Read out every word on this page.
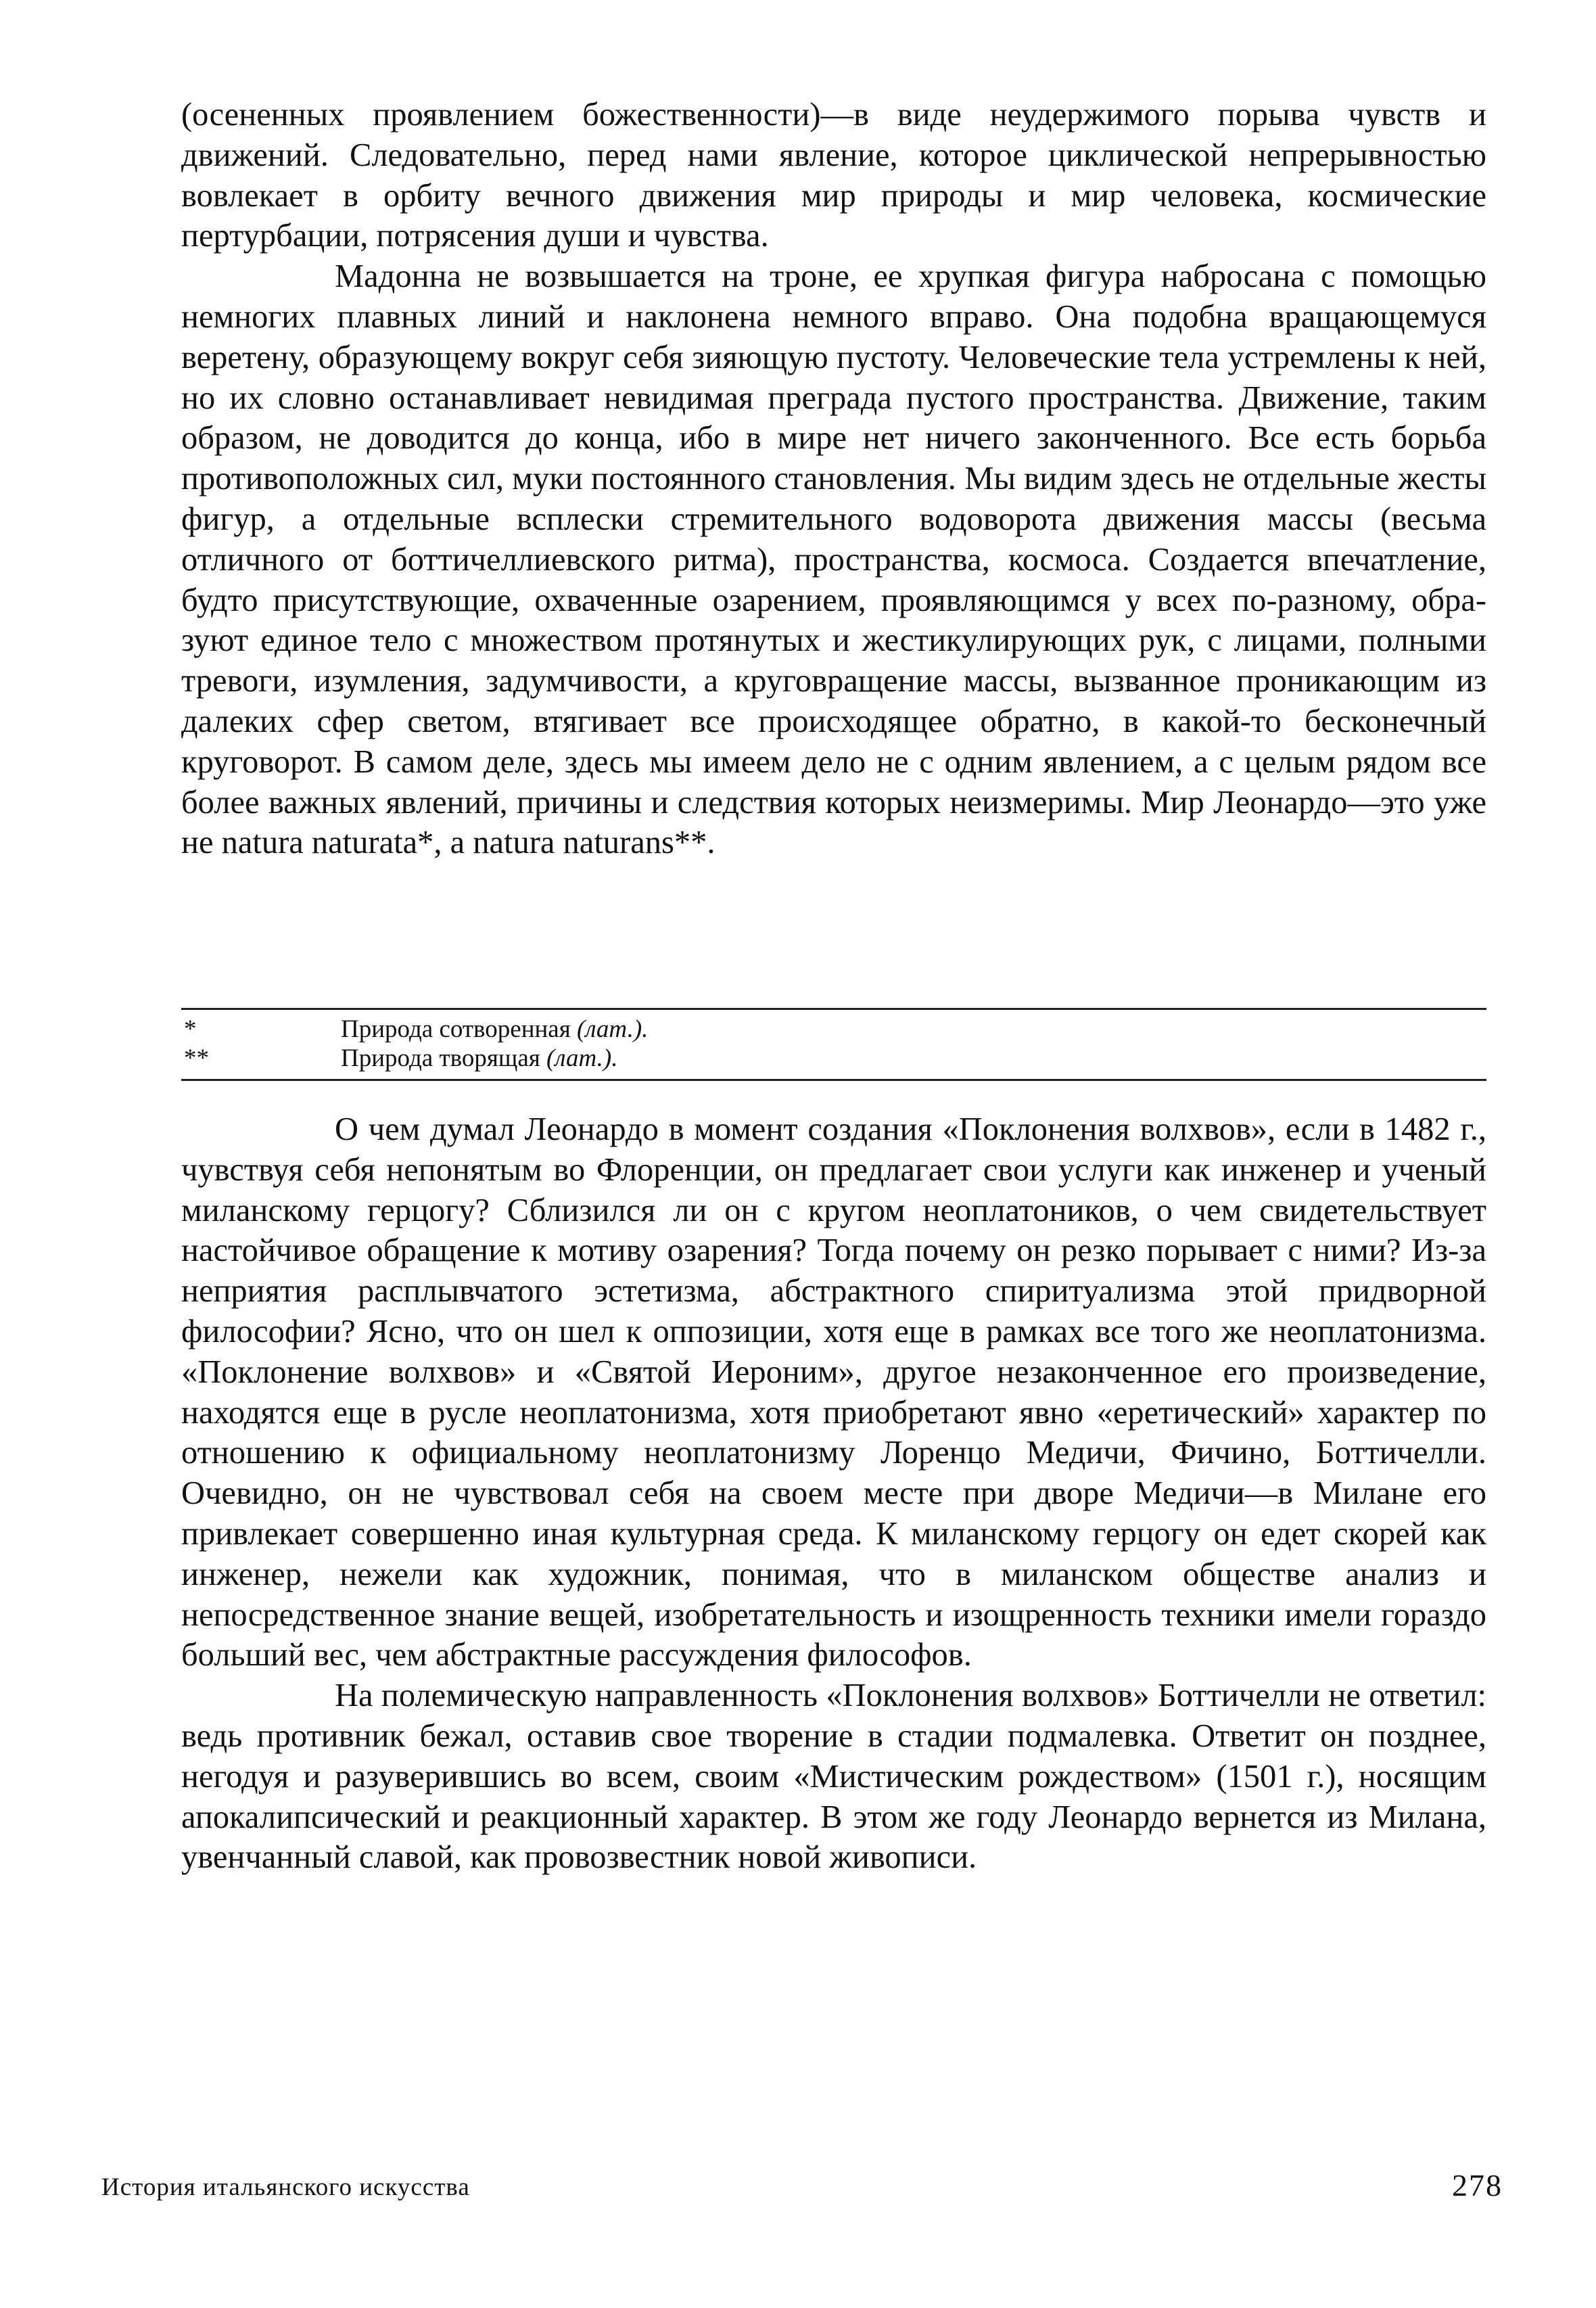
(осененных проявлением божественности)—в виде неудержимого порыва чувств и движений. Следовательно, перед нами явление, которое циклической непрерывностью вовлекает в орбиту вечного движения мир природы и мир человека, космические пертурбации, потрясения души и чувства.

Мадонна не возвышается на троне, ее хрупкая фигура набросана с помощью немногих плавных линий и наклонена немного вправо. Она подобна вращающемуся веретену, образующему вокруг себя зияющую пустоту. Человеческие тела устремлены к ней, но их словно останавливает невидимая преграда пустого пространства. Движение, таким образом, не доводится до конца, ибо в мире нет ничего законченного. Все есть борьба противоположных сил, муки постоянного становления. Мы видим здесь не отдельные жесты фигур, а отдельные всплески стремительного водоворота движения массы (весьма отличного от боттичеллиевского ритма), пространства, космоса. Создается впечатление, будто присутствующие, охваченные озарением, проявляющимся у всех по-разному, образуют единое тело с множеством протянутых и жестикулирующих рук, с лицами, полными тревоги, изумления, задумчивости, а круговращение массы, вызванное проникающим из далеких сфер светом, втягивает все происходящее обратно, в какой-то бесконечный круговорот. В самом деле, здесь мы имеем дело не с одним явлением, а с целым рядом все более важных явлений, причины и следствия которых неизмеримы. Мир Леонардо—это уже не natura naturata*, a natura naturans**.

*	Природа сотворенная (лат.).
**	Природа творящая (лат.).

О чем думал Леонардо в момент создания «Поклонения волхвов», если в 1482 г., чувствуя себя непонятым во Флоренции, он предлагает свои услуги как инженер и ученый миланскому герцогу? Сблизился ли он с кругом неоплатоников, о чем свидетельствует настойчивое обращение к мотиву озарения? Тогда почему он резко порывает с ними? Из-за неприятия расплывчатого эстетизма, абстрактного спиритуализма этой придворной философии? Ясно, что он шел к оппозиции, хотя еще в рамках все того же неоплатонизма. «Поклонение волхвов» и «Святой Иероним», другое незаконченное его произведение, находятся еще в русле неоплатонизма, хотя приобретают явно «еретический» характер по отношению к официальному неоплатонизму Лоренцо Медичи, Фичино, Боттичелли. Очевидно, он не чувствовал себя на своем месте при дворе Медичи—в Милане его привлекает совершенно иная культурная среда. К миланскому герцогу он едет скорей как инженер, нежели как художник, понимая, что в миланском обществе анализ и непосредственное знание вещей, изобретательность и изощренность техники имели гораздо больший вес, чем абстрактные рассуждения философов.

На полемическую направленность «Поклонения волхвов» Боттичелли не ответил: ведь противник бежал, оставив свое творение в стадии подмалевка. Ответит он позднее, негодуя и разуверившись во всем, своим «Мистическим рождеством» (1501 г.), носящим апокалипсический и реакционный характер. В этом же году Леонардо вернется из Милана, увенчанный славой, как провозвестник новой живописи.

История итальянского искусства	278
